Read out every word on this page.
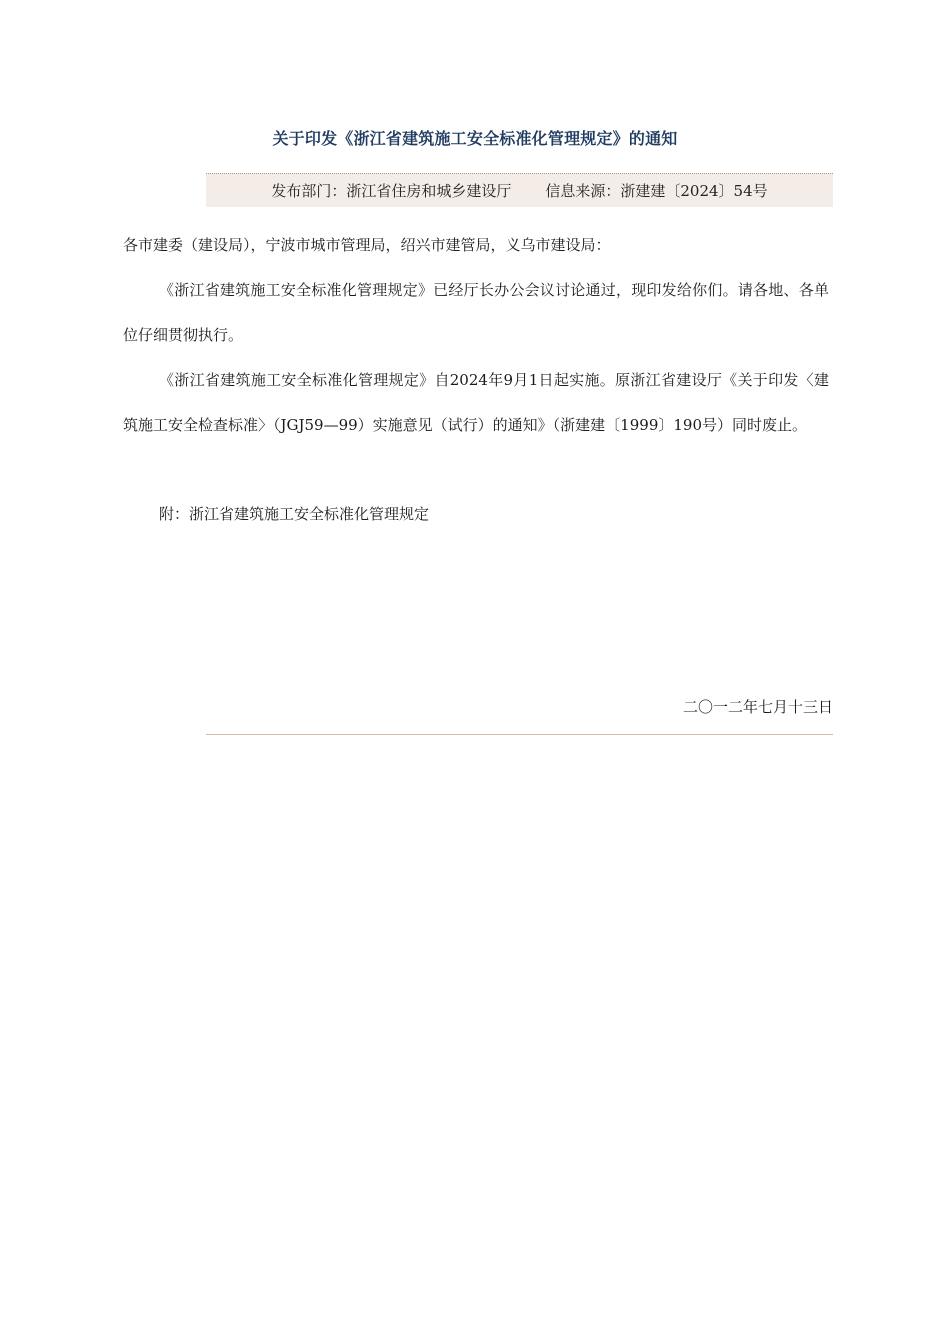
关于印发《浙江省建筑施工安全标准化管理规定》的通知
发布部门：浙江省住房和城乡建设厅 信息来源：浙建建〔2024〕54号
各市建委（建设局），宁波市城市管理局，绍兴市建管局，义乌市建设局：
《浙江省建筑施工安全标准化管理规定》已经厅长办公会议讨论通过，现印发给你们。请各地、各单位仔细贯彻执行。
《浙江省建筑施工安全标准化管理规定》自2024年9月1日起实施。原浙江省建设厅《关于印发〈建筑施工安全检查标准〉（JGJ59—99）实施意见（试行）的通知》（浙建建〔1999〕190号）同时废止。
附：浙江省建筑施工安全标准化管理规定
二〇一二年七月十三日
